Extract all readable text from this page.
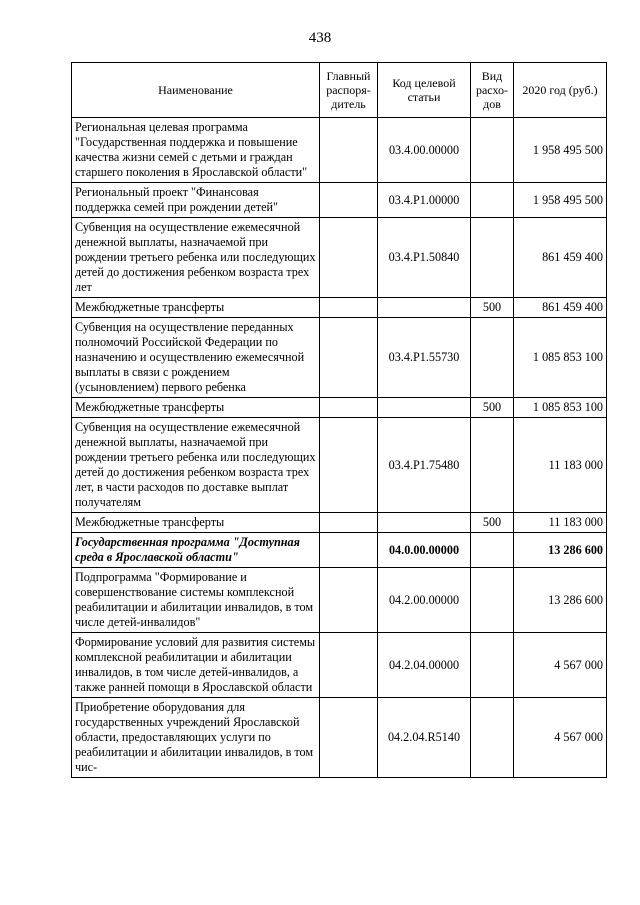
438
Наименование	Главный распоря-дитель	Код целевой статьи	Вид расхо-дов	2020 год (руб.)
Региональная целевая программа "Государственная поддержка и повышение качества жизни семей с детьми и граждан старшего поколения в Ярославской области"		03.4.00.00000		1 958 495 500
Региональный проект "Финансовая поддержка семей при рождении детей"		03.4.P1.00000		1 958 495 500
Субвенция на осуществление ежемесячной денежной выплаты, назначаемой при рождении третьего ребенка или последующих детей до достижения ребенком возраста трех лет		03.4.P1.50840		861 459 400
Межбюджетные трансферты			500	861 459 400
Субвенция на осуществление переданных полномочий Российской Федерации по назначению и осуществлению ежемесячной выплаты в связи с рождением (усыновлением) первого ребенка		03.4.P1.55730		1 085 853 100
Межбюджетные трансферты			500	1 085 853 100
Субвенция на осуществление ежемесячной денежной выплаты, назначаемой при рождении третьего ребенка или последующих детей до достижения ребенком возраста трех лет, в части расходов по доставке выплат получателям		03.4.P1.75480		11 183 000
Межбюджетные трансферты			500	11 183 000
Государственная программа "Доступная среда в Ярославской области"		04.0.00.00000		13 286 600
Подпрограмма "Формирование и совершенствование системы комплексной реабилитации и абилитации инвалидов, в том числе детей-инвалидов"		04.2.00.00000		13 286 600
Формирование условий для развития системы комплексной реабилитации и абилитации инвалидов, в том числе детей-инвалидов, а также ранней помощи в Ярославской области		04.2.04.00000		4 567 000
Приобретение оборудования для государственных учреждений Ярославской области, предоставляющих услуги по реабилитации и абилитации инвалидов, в том чис-		04.2.04.R5140		4 567 000
